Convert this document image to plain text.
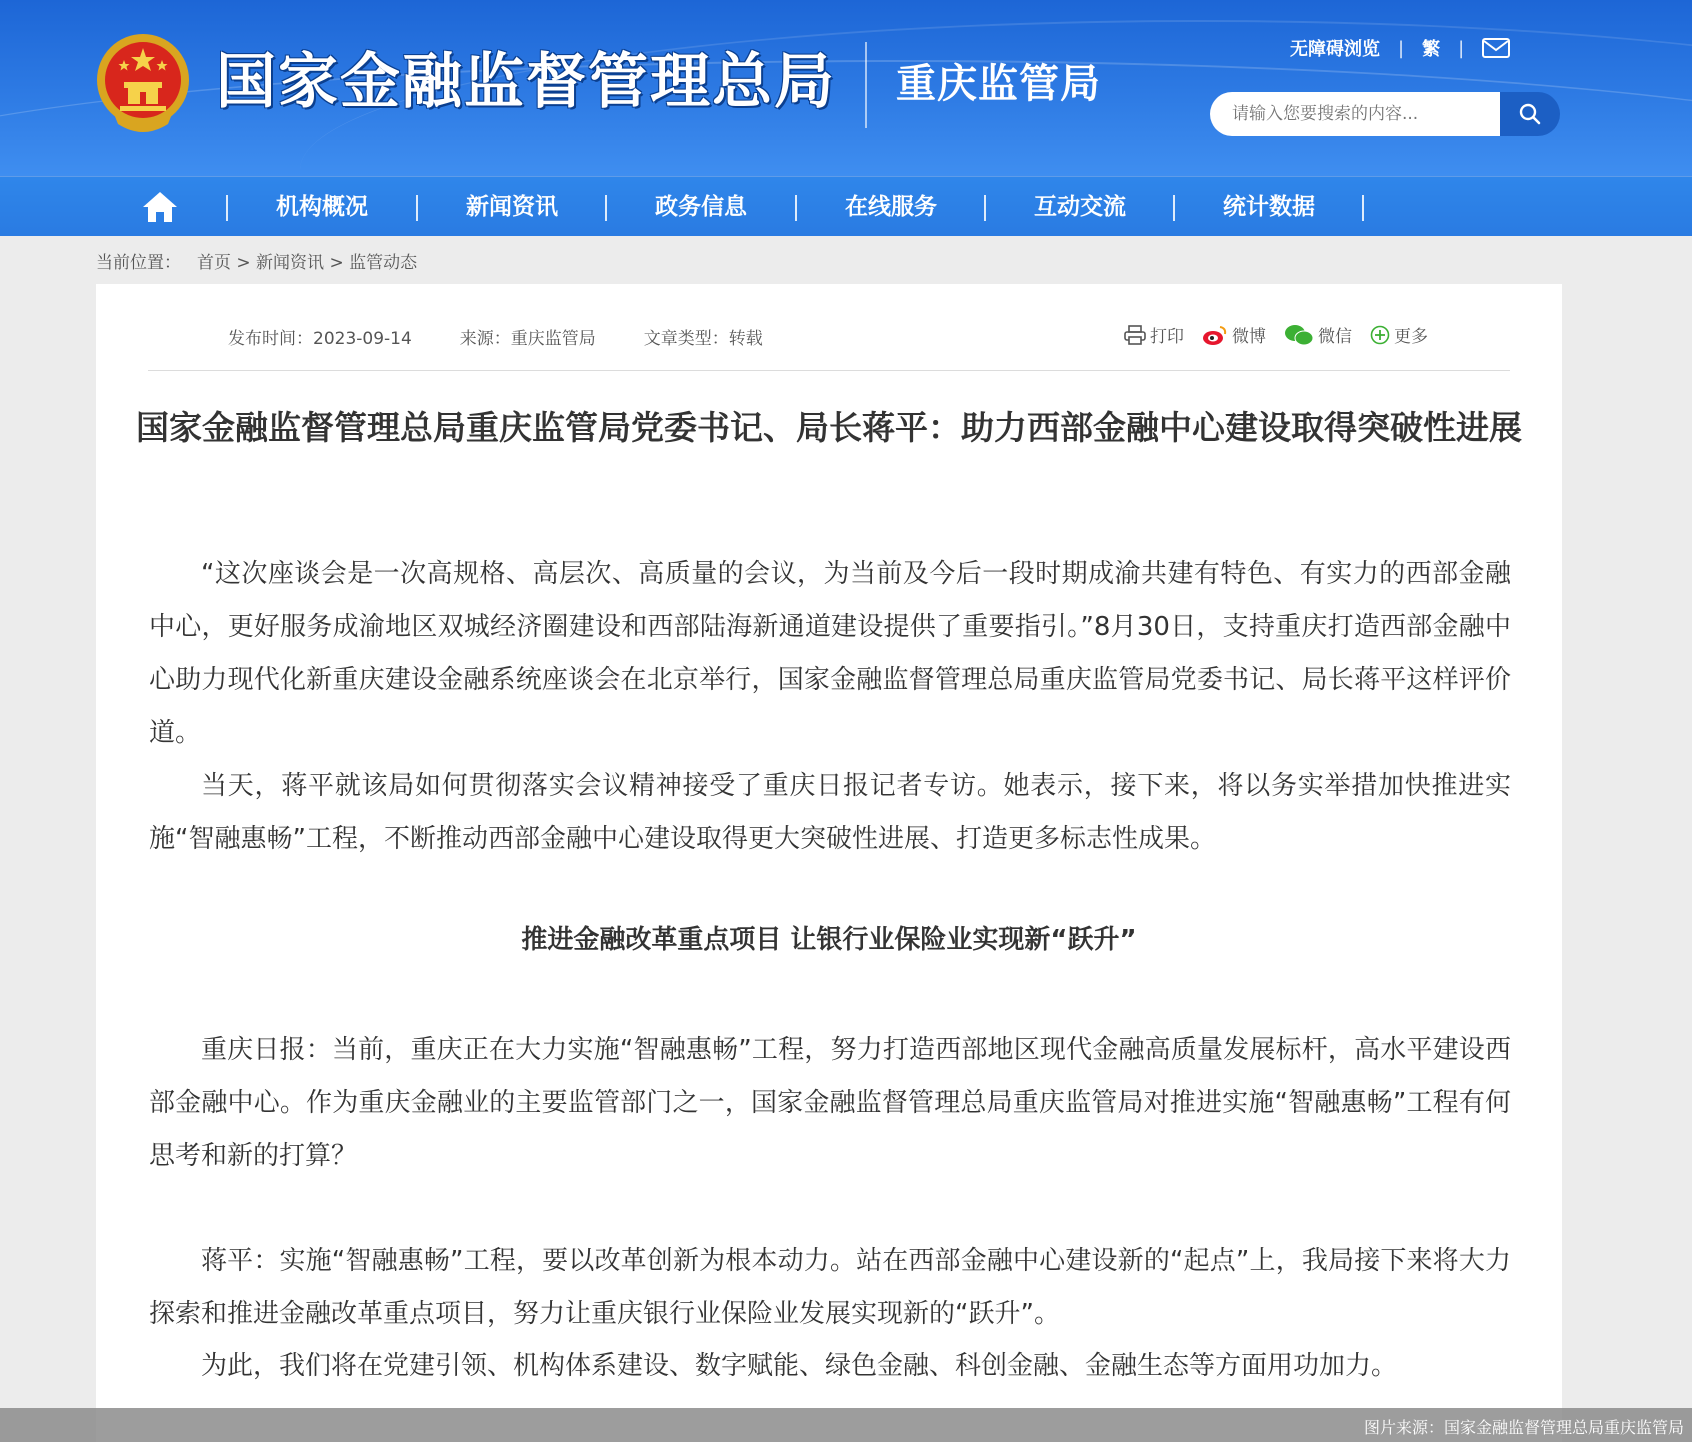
国家金融监督管理总局 重庆监管局
无障碍浏览 | 繁 |
请输入您要搜索的内容...
机构概况	新闻资讯	政务信息	在线服务	互动交流	统计数据
当前位置： 首页 > 新闻资讯 > 监管动态
发布时间：2023-09-14	来源：重庆监管局	文章类型：转载	打印	微博	微信 更多
国家金融监督管理总局重庆监管局党委书记、局长蒋平：助力西部金融中心建设取得突破性进展
“这次座谈会是一次高规格、高层次、高质量的会议，为当前及今后一段时期成渝共建有特色、有实力的西部金融中心，更好服务成渝地区双城经济圈建设和西部陆海新通道建设提供了重要指引。”8月30日，支持重庆打造西部金融中心助力现代化新重庆建设金融系统座谈会在北京举行，国家金融监督管理总局重庆监管局党委书记、局长蒋平这样评价道。
当天，蒋平就该局如何贯彻落实会议精神接受了重庆日报记者专访。她表示，接下来，将以务实举措加快推进实施“智融惠畅”工程，不断推动西部金融中心建设取得更大突破性进展、打造更多标志性成果。
推进金融改革重点项目 让银行业保险业实现新“跃升”
重庆日报：当前，重庆正在大力实施“智融惠畅”工程，努力打造西部地区现代金融高质量发展标杆，高水平建设西部金融中心。作为重庆金融业的主要监管部门之一，国家金融监督管理总局重庆监管局对推进实施“智融惠畅”工程有何思考和新的打算？
蒋平：实施“智融惠畅”工程，要以改革创新为根本动力。站在西部金融中心建设新的“起点”上，我局接下来将大力探索和推进金融改革重点项目，努力让重庆银行业保险业发展实现新的“跃升”。
为此，我们将在党建引领、机构体系建设、数字赋能、绿色金融、科创金融、金融生态等方面用功加力。
图片来源：国家金融监督管理总局重庆监管局
